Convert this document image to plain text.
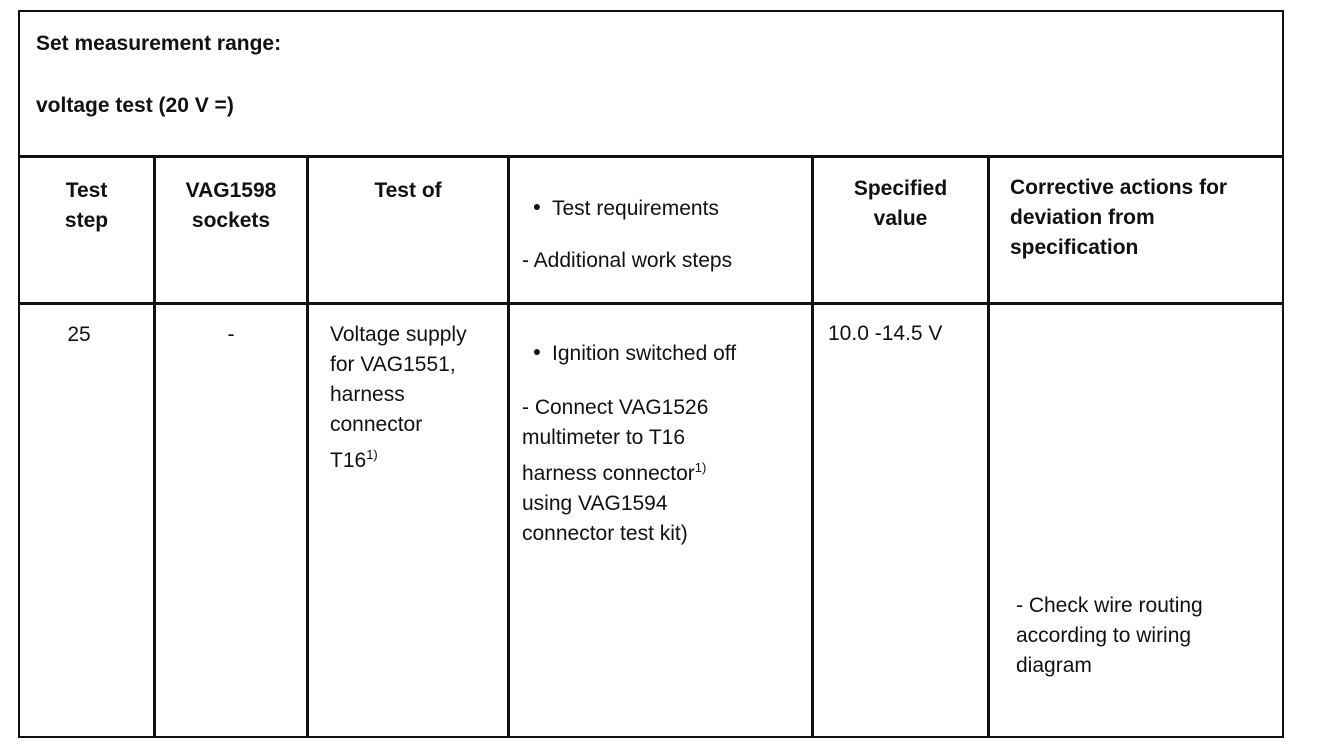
Set measurement range:
voltage test (20 V =)
Test
step
VAG1598
sockets
Test of
● Test requirements
- Additional work steps
Specified
value
Corrective actions for
deviation from
specification
25	-	Voltage supply
for VAG1551,
harness
connector
T16$^{1)}$
● Ignition switched off
- Connect VAG1526
multimeter to T16
harness connector$^{1)}$
using VAG1594
connector test kit)
10.0 -14.5 V
- Check wire routing
according to wiring
diagram
